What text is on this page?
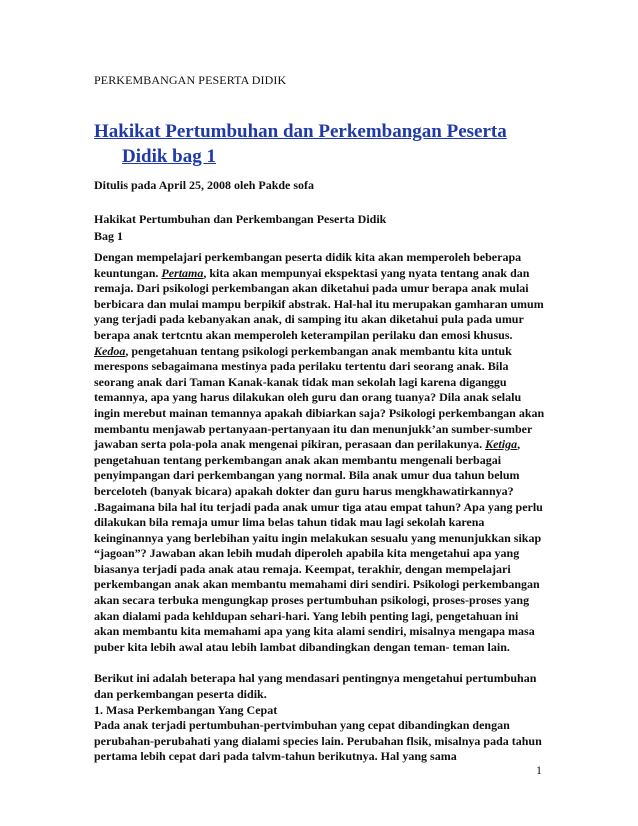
PERKEMBANGAN PESERTA DIDIK
Hakikat Pertumbuhan dan Perkembangan Peserta
Didik bag 1
Ditulis pada April 25, 2008 oleh Pakde sofa
Hakikat Pertumbuhan dan Perkembangan Peserta Didik
Bag 1

Dengan mempelajari perkembangan peserta didik kita akan memperoleh beberapa keuntungan. Pertama, kita akan mempunyai ekspektasi yang nyata tentang anak dan remaja. Dari psikologi perkembangan akan diketahui pada umur berapa anak mulai berbicara dan mulai mampu berpikif abstrak. Hal-hal itu merupakan gamharan umum yang terjadi pada kebanyakan anak, di samping itu akan diketahui pula pada umur berapa anak tertcntu akan memperoleh keterampilan perilaku dan emosi khusus. Kedoa, pengetahuan tentang psikologi perkembangan anak membantu kita untuk merespons sebagaimana mestinya pada perilaku tertentu dari seorang anak. Bila seorang anak dari Taman Kanak-kanak tidak man sekolah lagi karena diganggu temannya, apa yang harus dilakukan oleh guru dan orang tuanya? Dila anak selalu ingin merebut mainan temannya apakah dibiarkan saja? Psikologi perkembangan akan membantu menjawab pertanyaan-pertanyaan itu dan menunjukk’an sumber-sumber jawaban serta pola-pola anak mengenai pikiran, perasaan dan perilakunya. Ketiga, pengetahuan tentang perkembangan anak akan membantu mengenali berbagai penyimpangan dari perkembangan yang normal. Bila anak umur dua tahun belum berceloteh (banyak bicara) apakah dokter dan guru harus mengkhawatirkannya? .Bagaimana bila hal itu terjadi pada anak umur tiga atau empat tahun? Apa yang perlu dilakukan bila remaja umur lima belas tahun tidak mau lagi sekolah karena keinginannya yang berlebihan yaitu ingin melakukan sesualu yang menunjukkan sikap “jagoan”? Jawaban akan lebih mudah diperoleh apabila kita mengetahui apa yang biasanya terjadi pada anak atau remaja. Keempat, terakhir, dengan mempelajari perkembangan anak akan membantu memahami diri sendiri. Psikologi perkembangan akan secara terbuka mengungkap proses pertumbuhan psikologi, proses-proses yang akan dialami pada kehldupan sehari-hari. Yang lebih penting lagi, pengetahuan ini akan membantu kita memahami apa yang kita alami sendiri, misalnya mengapa masa puber kita lebih awal atau lebih lambat dibandingkan dengan teman- teman lain.

Berikut ini adalah beterapa hal yang mendasari pentingnya mengetahui pertumbuhan dan perkembangan peserta didik.

1. Masa Perkembangan Yang Cepat

Pada anak terjadi pertumbuhan-pertvimbuhan yang cepat dibandingkan dengan perubahan-perubahati yang dialami species lain. Perubahan flsik, misalnya pada tahun pertama lebih cepat dari pada talvm-tahun berikutnya. Hal yang sama

1
